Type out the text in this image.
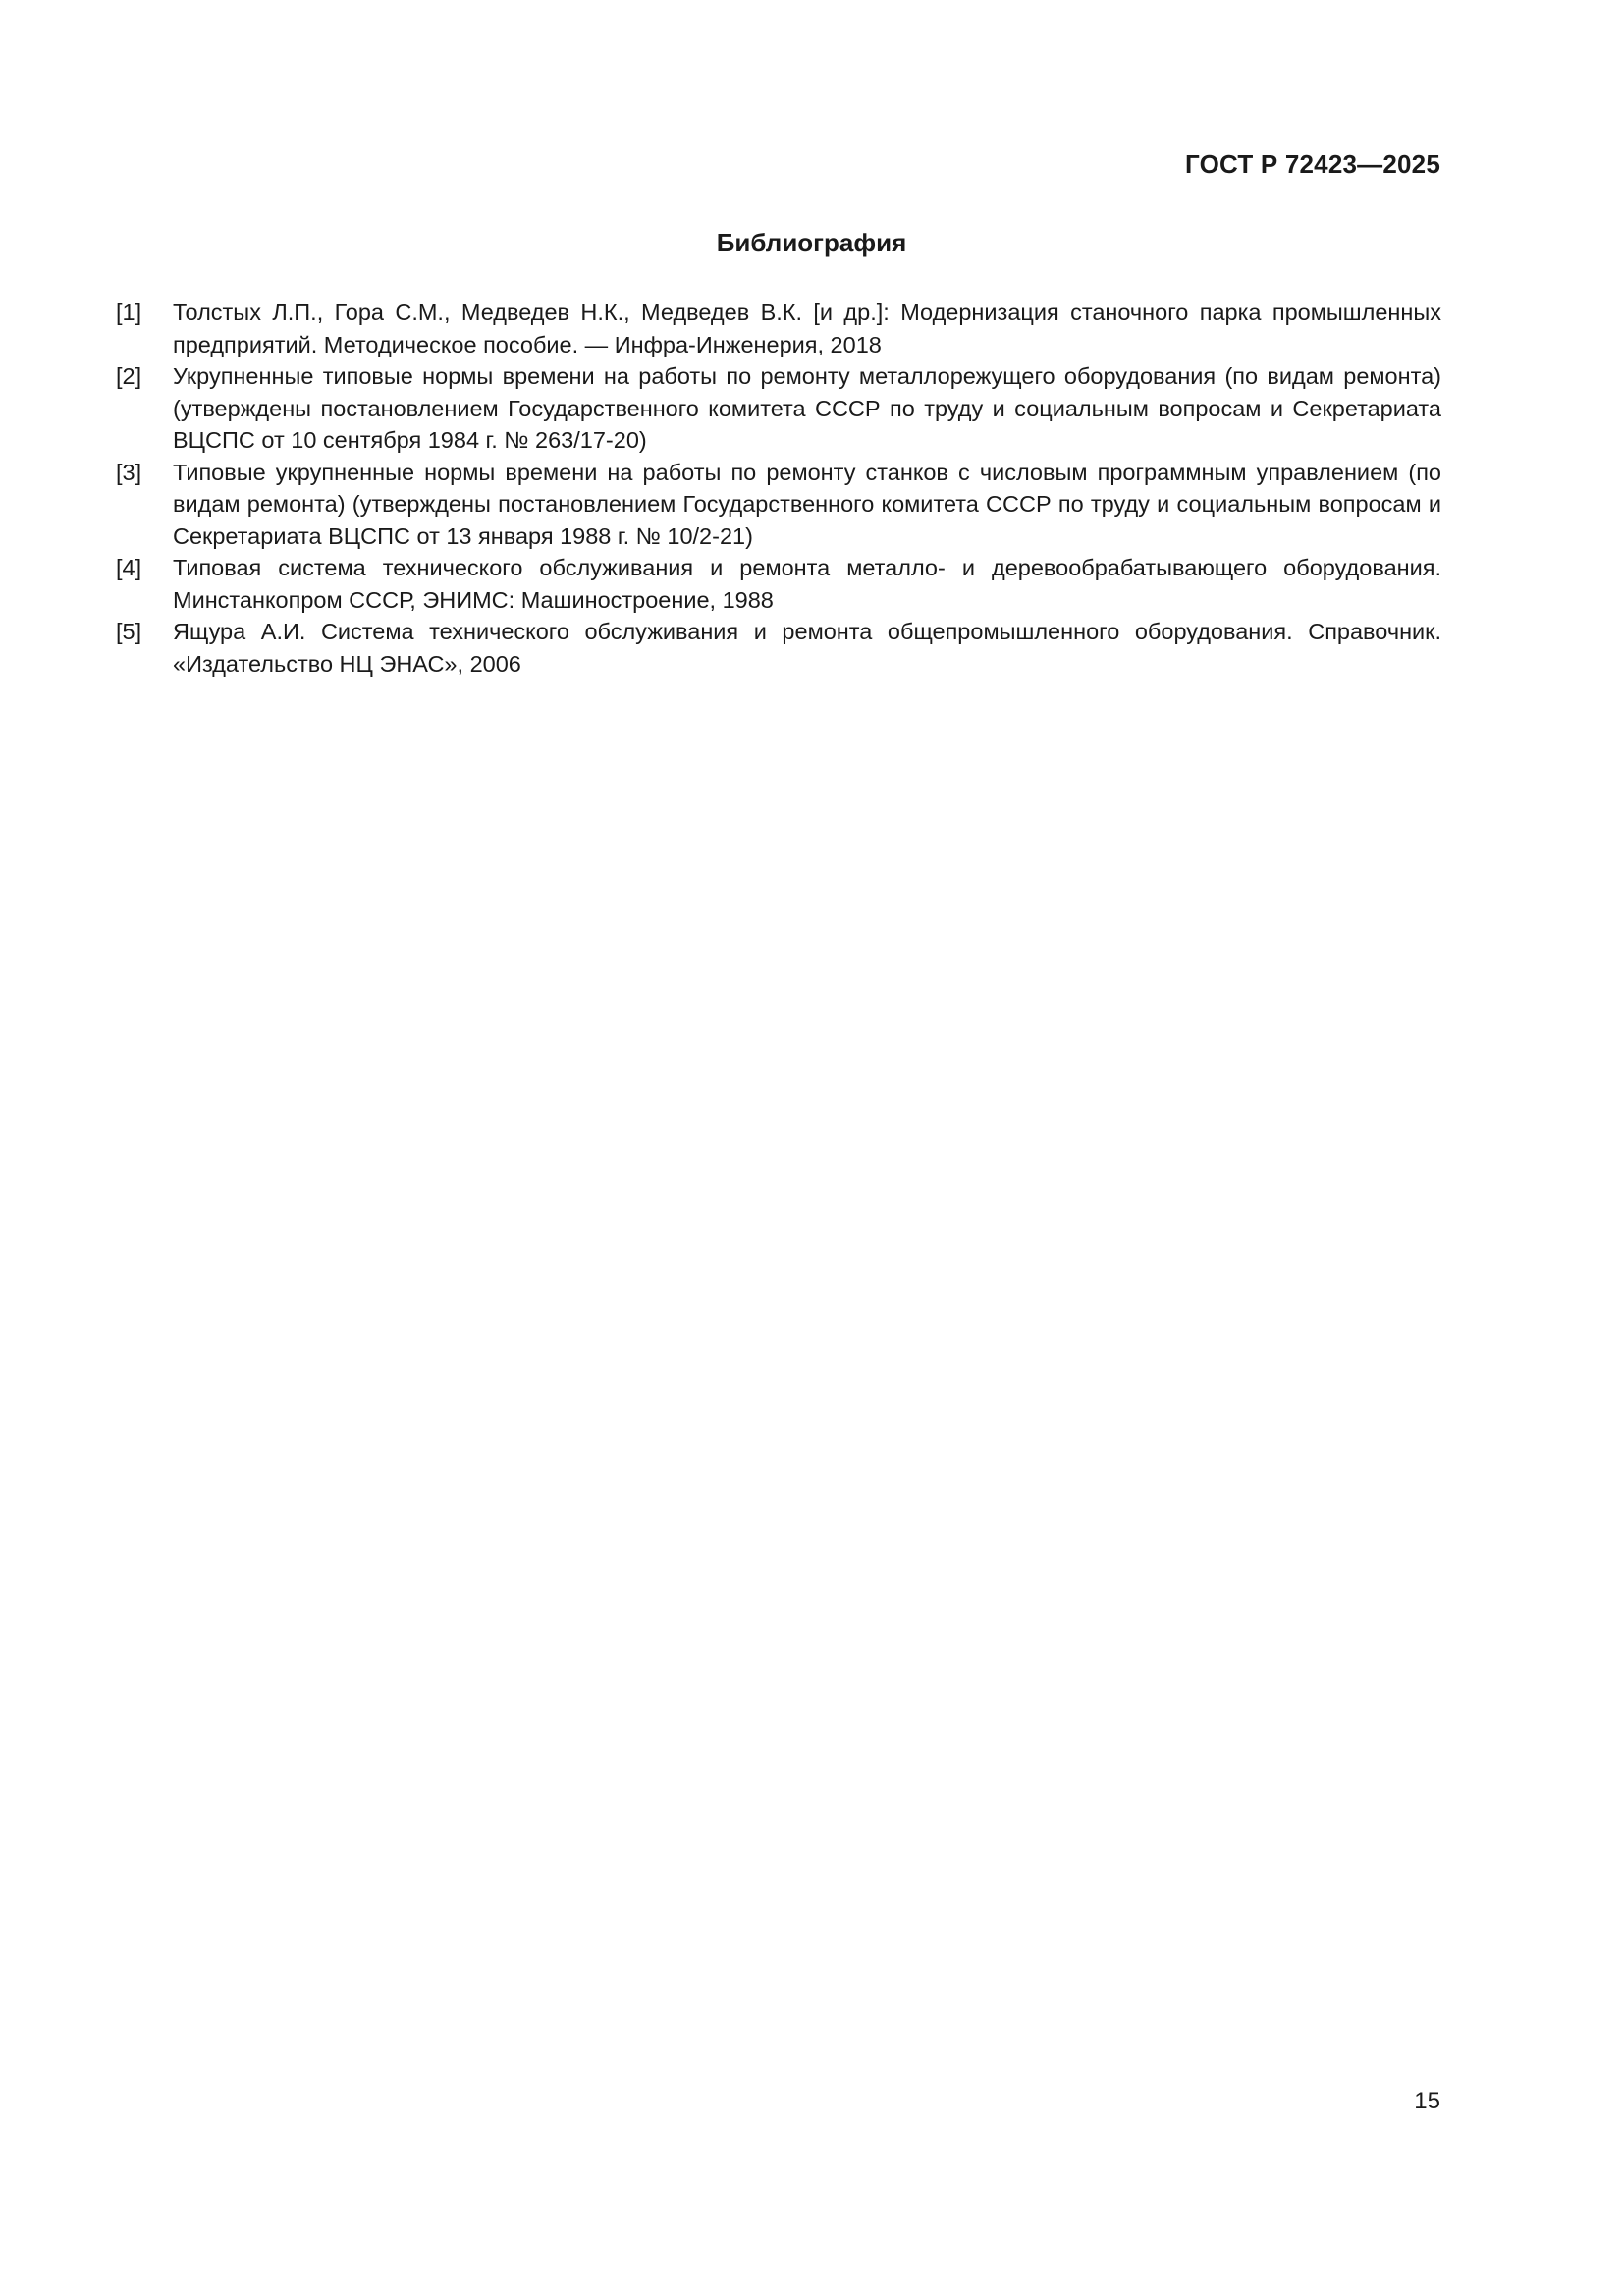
ГОСТ Р 72423—2025
Библиография
[1]	Толстых Л.П., Гора С.М., Медведев Н.К., Медведев В.К. [и др.]: Модернизация станочного парка промышленных предприятий. Методическое пособие. — Инфра-Инженерия, 2018
[2]	Укрупненные типовые нормы времени на работы по ремонту металлорежущего оборудования (по видам ремонта) (утверждены постановлением Государственного комитета СССР по труду и социальным вопросам и Секретариата ВЦСПС от 10 сентября 1984 г. № 263/17-20)
[3]	Типовые укрупненные нормы времени на работы по ремонту станков с числовым программным управлением (по видам ремонта) (утверждены постановлением Государственного комитета СССР по труду и социальным вопросам и Секретариата ВЦСПС от 13 января 1988 г. № 10/2-21)
[4]	Типовая система технического обслуживания и ремонта металло- и деревообрабатывающего оборудования. Минстанкопром СССР, ЭНИМС: Машиностроение, 1988
[5]	Ящура А.И. Система технического обслуживания и ремонта общепромышленного оборудования. Справочник. «Издательство НЦ ЭНАС», 2006
15
